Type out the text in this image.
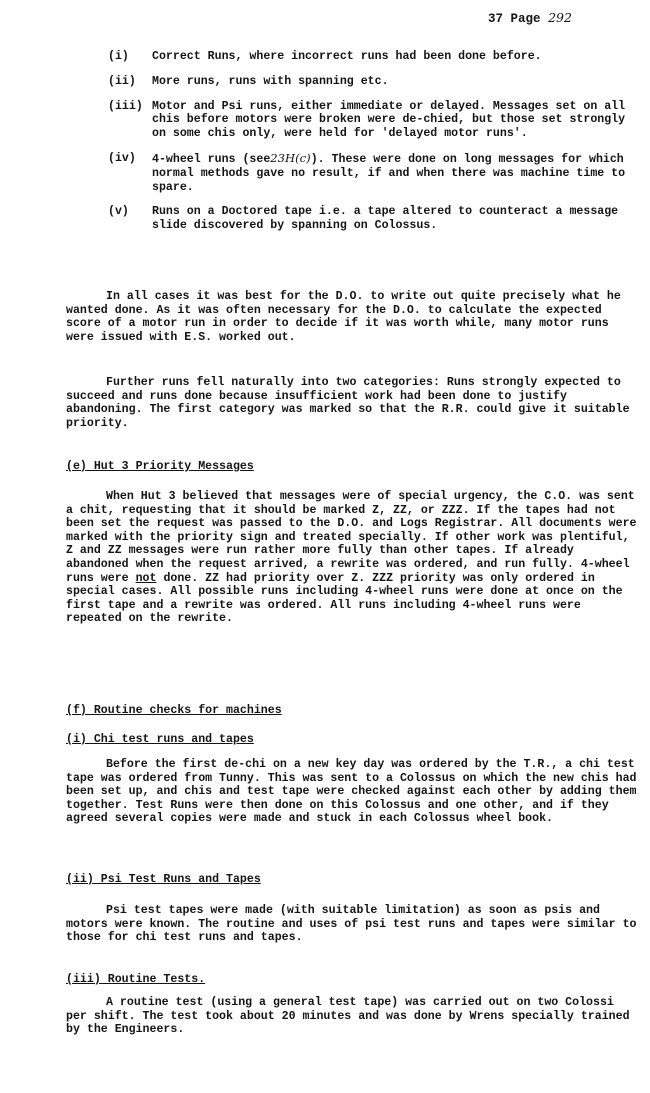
37 Page 292
(i)	Correct Runs, where incorrect runs had been done before.
(ii)	More runs, runs with spanning etc.
(iii) Motor and Psi runs, either immediate or delayed. Messages set on all chis before motors were broken were de-chied, but those set strongly on some chis only, were held for 'delayed motor runs'.
(iv)	4-wheel runs (see23H(c)). These were done on long messages for which normal methods gave no result, if and when there was machine time to spare.
(v)	Runs on a Doctored tape i.e. a tape altered to counteract a message slide discovered by spanning on Colossus.

In all cases it was best for the D.O. to write out quite precisely what he wanted done. As it was often necessary for the D.O. to calculate the expected score of a motor run in order to decide if it was worth while, many motor runs were issued with E.S. worked out.

Further runs fell naturally into two categories: Runs strongly expected to succeed and runs done because insufficient work had been done to justify abandoning. The first category was marked so that the R.R. could give it suitable priority.

(e) Hut 3 Priority Messages

When Hut 3 believed that messages were of special urgency, the C.O. was sent a chit, requesting that it should be marked Z, ZZ, or ZZZ. If the tapes had not been set the request was passed to the D.O. and Logs Registrar. All documents were marked with the priority sign and treated specially. If other work was plentiful, Z and ZZ messages were run rather more fully than other tapes. If already abandoned when the request arrived, a rewrite was ordered, and run fully. 4-wheel runs were not done. ZZ had priority over Z. ZZZ priority was only ordered in special cases. All possible runs including 4-wheel runs were done at once on the first tape and a rewrite was ordered. All runs including 4-wheel runs were repeated on the rewrite.

(f) Routine checks for machines
(i) Chi test runs and tapes

Before the first de-chi on a new key day was ordered by the T.R., a chi test tape was ordered from Tunny. This was sent to a Colossus on which the new chis had been set up, and chis and test tape were checked against each other by adding them together. Test Runs were then done on this Colossus and one other, and if they agreed several copies were made and stuck in each Colossus wheel book.

(ii) Psi Test Runs and Tapes

Psi test tapes were made (with suitable limitation) as soon as psis and motors were known. The routine and uses of psi test runs and tapes were similar to those for chi test runs and tapes.

(iii) Routine Tests.

A routine test (using a general test tape) was carried out on two Colossi per shift. The test took about 20 minutes and was done by Wrens specially trained by the Engineers.
